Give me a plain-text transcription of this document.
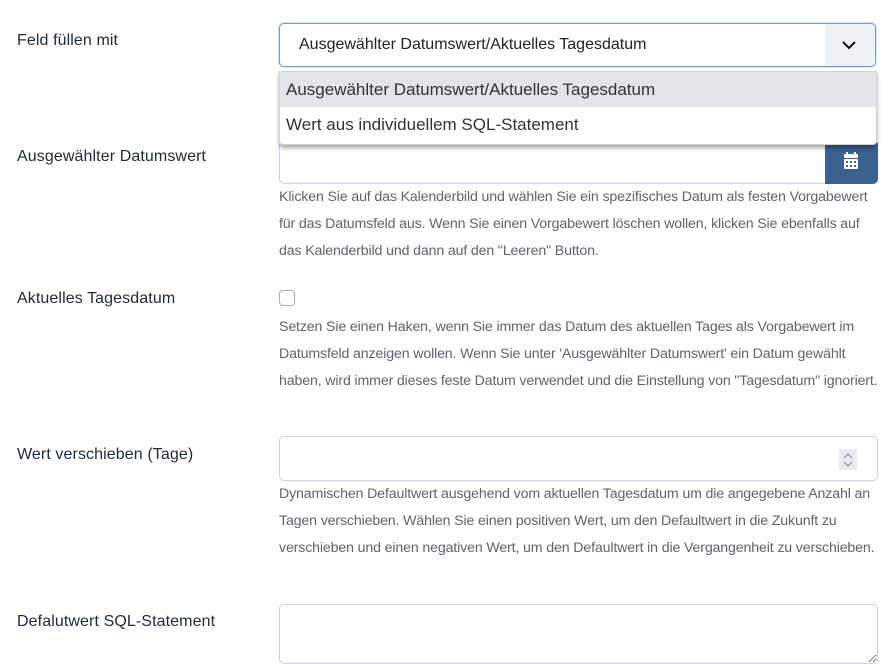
Feld füllen mit	Ausgewählter Datumswert/Aktuelles Tagesdatum
Ausgewählter Datumswert/Aktuelles Tagesdatum
Wert aus individuellem SQL-Statement
Ausgewählter Datumswert
Klicken Sie auf das Kalenderbild und wählen Sie ein spezifisches Datum als festen Vorgabewert für das Datumsfeld aus. Wenn Sie einen Vorgabewert löschen wollen, klicken Sie ebenfalls auf das Kalenderbild und dann auf den "Leeren" Button.
Aktuelles Tagesdatum
Setzen Sie einen Haken, wenn Sie immer das Datum des aktuellen Tages als Vorgabewert im Datumsfeld anzeigen wollen. Wenn Sie unter 'Ausgewählter Datumswert' ein Datum gewählt haben, wird immer dieses feste Datum verwendet und die Einstellung von "Tagesdatum" ignoriert.
Wert verschieben (Tage)
Dynamischen Defaultwert ausgehend vom aktuellen Tagesdatum um die angegebene Anzahl an Tagen verschieben. Wählen Sie einen positiven Wert, um den Defaultwert in die Zukunft zu verschieben und einen negativen Wert, um den Defaultwert in die Vergangenheit zu verschieben.
Defalutwert SQL-Statement
